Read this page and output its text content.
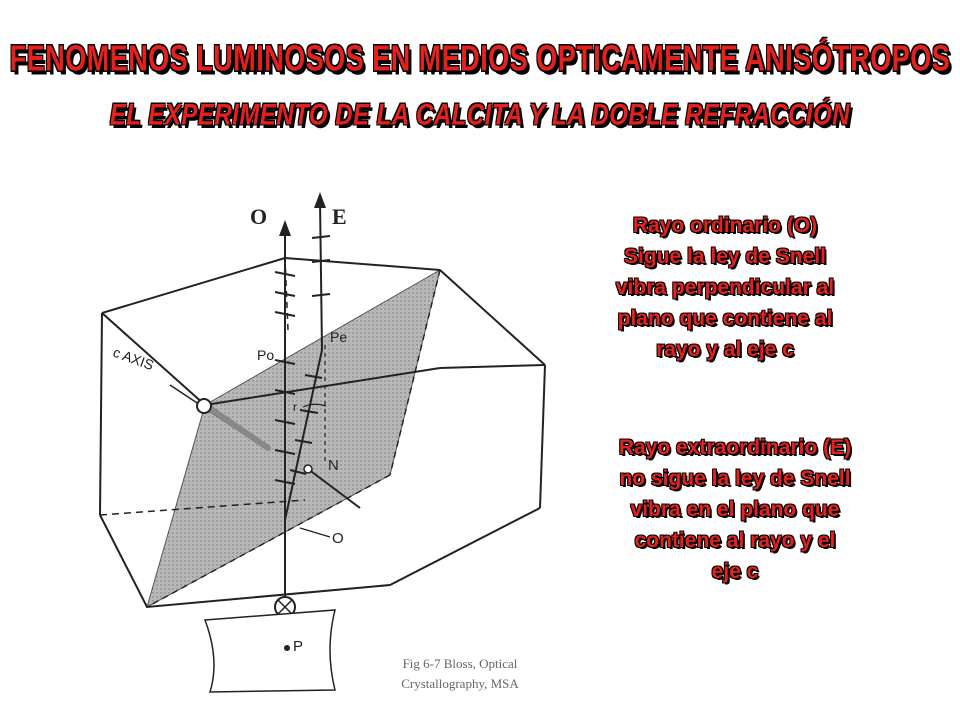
FENOMENOS LUMINOSOS EN MEDIOS OPTICAMENTE ANISÓTROPOS
EL EXPERIMENTO DE LA CALCITA Y LA DOBLE REFRACCIÓN
O	E
Po
Pe
c AXIS
r
N
O
P
Rayo ordinario (O)
Sigue la ley de Snell
vibra perpendicular al
plano que contiene al
rayo y al eje c
Rayo extraordinario (E)
no sigue la ley de Snell
vibra en el plano que
contiene al rayo y el
eje c
Fig 6-7 Bloss, Optical
Crystallography, MSA
